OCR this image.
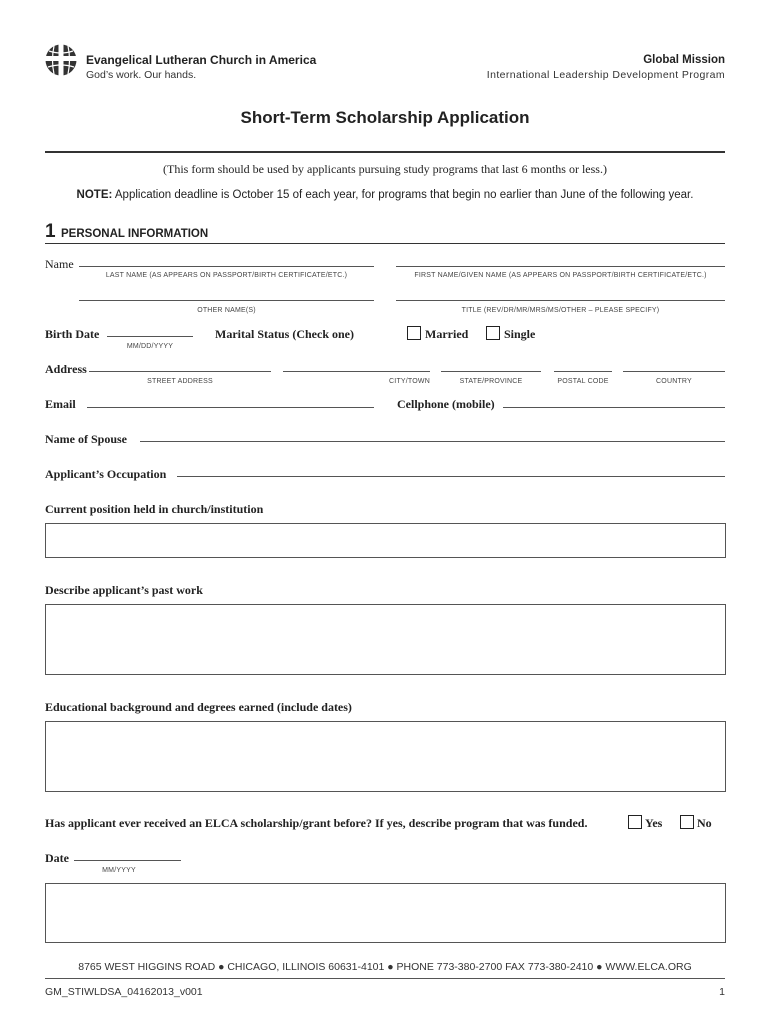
Evangelical Lutheran Church in America
God’s work. Our hands.
Global Mission
International Leadership Development Program
Short-Term Scholarship Application
(This form should be used by applicants pursuing study programs that last 6 months or less.)
NOTE: Application deadline is October 15 of each year, for programs that begin no earlier than June of the following year.
1 PERSONAL INFORMATION
Name
LAST NAME (AS APPEARS ON PASSPORT/BIRTH CERTIFICATE/ETC.)	FIRST NAME/GIVEN NAME (AS APPEARS ON PASSPORT/BIRTH CERTIFICATE/ETC.)
OTHER NAME(S)	TITLE (REV/DR/MR/MRS/MS/OTHER – PLEASE SPECIFY)
Birth Date
MM/DD/YYYY
Marital Status (Check one)	Married	Single
Address
STREET ADDRESS	CITY/TOWN	STATE/PROVINCE	POSTAL CODE	COUNTRY
Email	Cellphone (mobile)
Name of Spouse
Applicant’s Occupation
Current position held in church/institution
Describe applicant’s past work
Educational background and degrees earned (include dates)
Has applicant ever received an ELCA scholarship/grant before? If yes, describe program that was funded.	Yes	No
Date
MM/YYYY
8765 WEST HIGGINS ROAD ● CHICAGO, ILLINOIS 60631-4101 ● PHONE 773-380-2700 FAX 773-380-2410 ● WWW.ELCA.ORG
GM_STIWLDSA_04162013_v001	1
